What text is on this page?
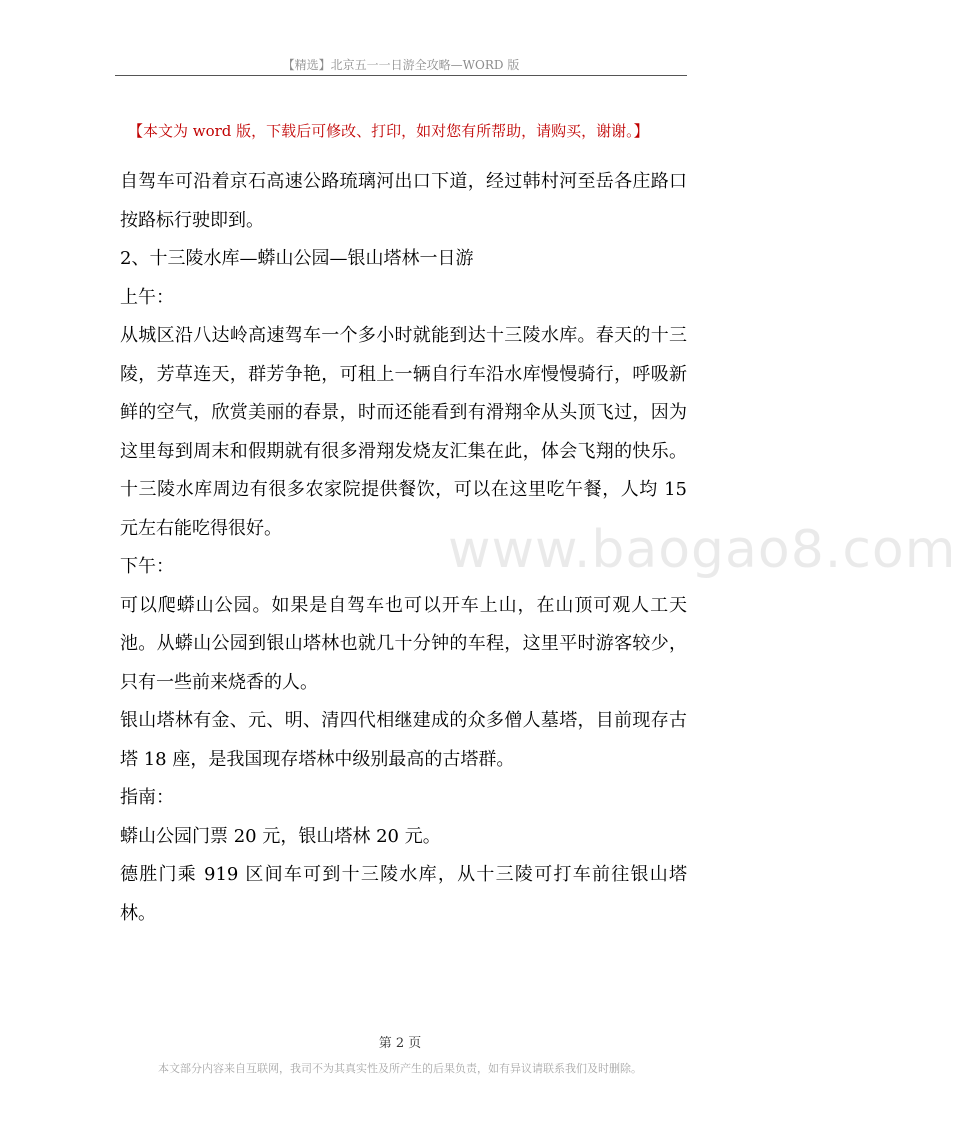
【精选】北京五一一日游全攻略—WORD 版
【本文为 word 版，下载后可修改、打印，如对您有所帮助，请购买，谢谢。】

自驾车可沿着京石高速公路琉璃河出口下道，经过韩村河至岳各庄路口按路标行驶即到。

2、十三陵水库—蟒山公园—银山塔林一日游

上午：

从城区沿八达岭高速驾车一个多小时就能到达十三陵水库。春天的十三陵，芳草连天，群芳争艳，可租上一辆自行车沿水库慢慢骑行，呼吸新鲜的空气，欣赏美丽的春景，时而还能看到有滑翔伞从头顶飞过，因为这里每到周末和假期就有很多滑翔发烧友汇集在此，体会飞翔的快乐。十三陵水库周边有很多农家院提供餐饮，可以在这里吃午餐，人均 15 元左右能吃得很好。

下午：

可以爬蟒山公园。如果是自驾车也可以开车上山，在山顶可观人工天池。从蟒山公园到银山塔林也就几十分钟的车程，这里平时游客较少，只有一些前来烧香的人。

银山塔林有金、元、明、清四代相继建成的众多僧人墓塔，目前现存古塔 18 座，是我国现存塔林中级别最高的古塔群。

指南：

蟒山公园门票 20 元，银山塔林 20 元。

德胜门乘 919 区间车可到十三陵水库，从十三陵可打车前往银山塔林。

www.baogao8.com
第 2 页
本文部分内容来自互联网，我司不为其真实性及所产生的后果负责，如有异议请联系我们及时删除。
